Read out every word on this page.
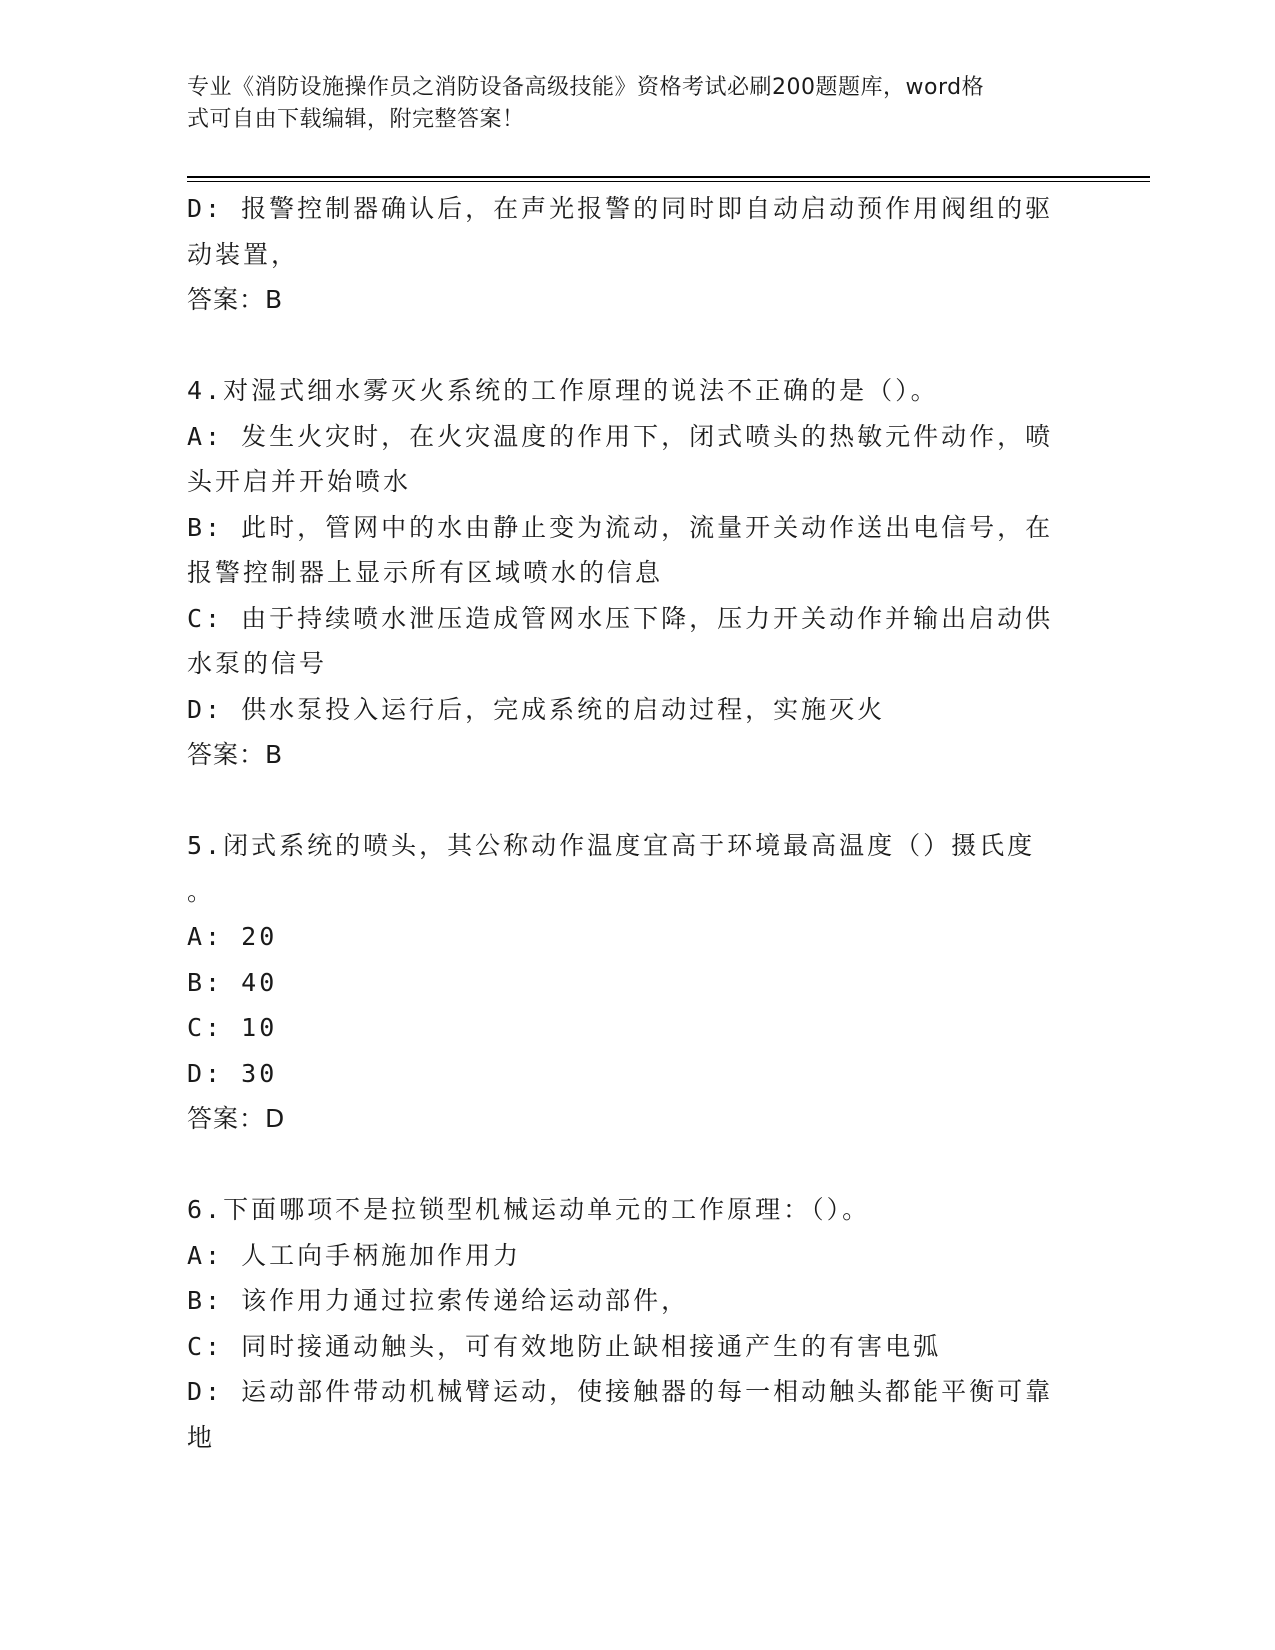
专业《消防设施操作员之消防设备高级技能》资格考试必刷200题题库，word格
式可自由下载编辑，附完整答案！
D: 报警控制器确认后，在声光报警的同时即自动启动预作用阀组的驱
动装置，
答案：B
4.对湿式细水雾灭火系统的工作原理的说法不正确的是（）。
A: 发生火灾时，在火灾温度的作用下，闭式喷头的热敏元件动作，喷
头开启并开始喷水
B: 此时，管网中的水由静止变为流动，流量开关动作送出电信号，在
报警控制器上显示所有区域喷水的信息
C: 由于持续喷水泄压造成管网水压下降，压力开关动作并输出启动供
水泵的信号
D: 供水泵投入运行后，完成系统的启动过程，实施灭火
答案：B
5.闭式系统的喷头，其公称动作温度宜高于环境最高温度（）摄氏度
。
A: 20
B: 40
C: 10
D: 30
答案：D
6.下面哪项不是拉锁型机械运动单元的工作原理：（）。
A: 人工向手柄施加作用力
B: 该作用力通过拉索传递给运动部件，
C: 同时接通动触头，可有效地防止缺相接通产生的有害电弧
D: 运动部件带动机械臂运动，使接触器的每一相动触头都能平衡可靠
地
